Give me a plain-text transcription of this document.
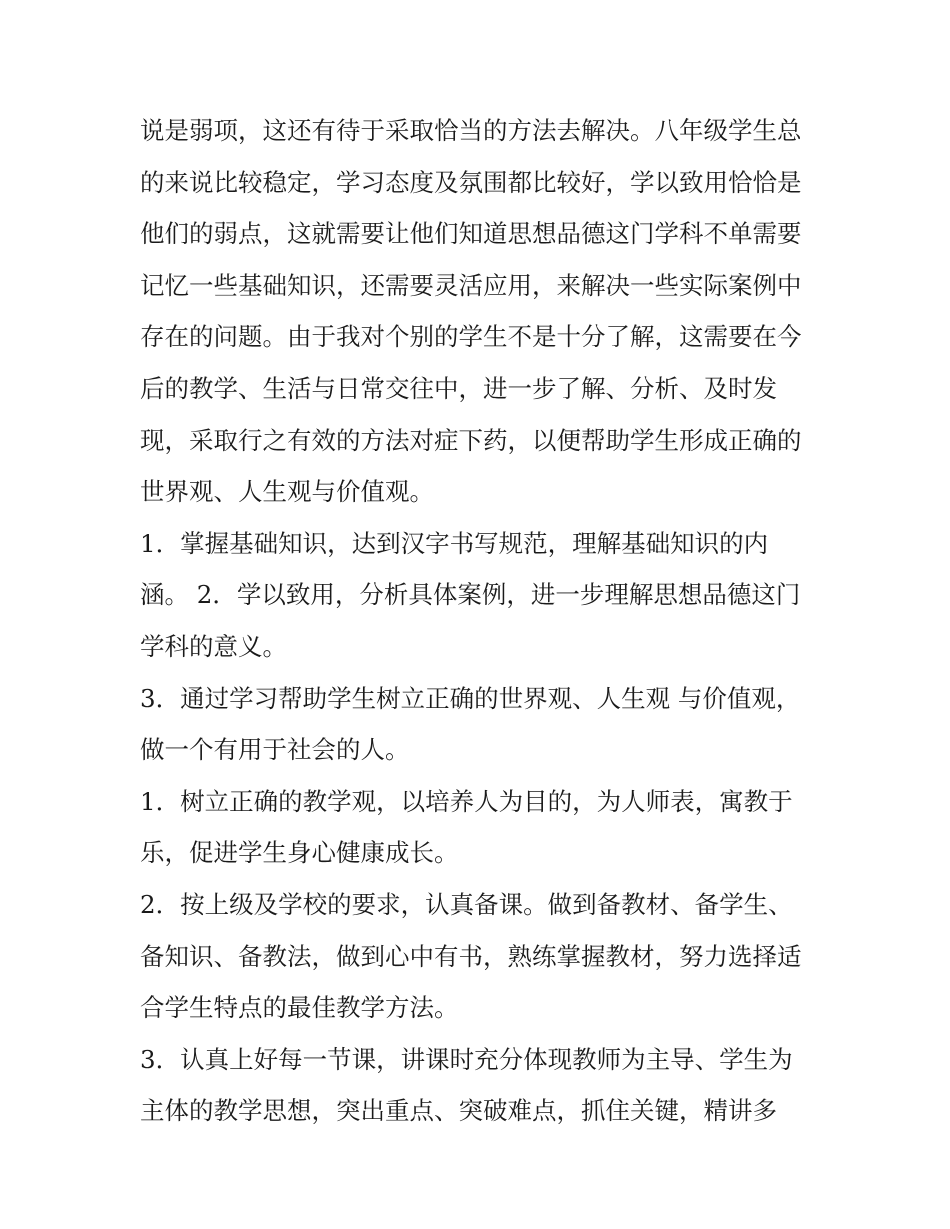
说是弱项，这还有待于采取恰当的方法去解决。八年级学生总
的来说比较稳定，学习态度及氛围都比较好，学以致用恰恰是
他们的弱点，这就需要让他们知道思想品德这门学科不单需要
记忆一些基础知识，还需要灵活应用，来解决一些实际案例中
存在的问题。由于我对个别的学生不是十分了解，这需要在今
后的教学、生活与日常交往中，进一步了解、分析、及时发
现，采取行之有效的方法对症下药，以便帮助学生形成正确的
世界观、人生观与价值观。
1．掌握基础知识，达到汉字书写规范，理解基础知识的内
涵。 2．学以致用，分析具体案例，进一步理解思想品德这门
学科的意义。
3．通过学习帮助学生树立正确的世界观、人生观 与价值观，
做一个有用于社会的人。
1．树立正确的教学观，以培养人为目的，为人师表，寓教于
乐，促进学生身心健康成长。
2．按上级及学校的要求，认真备课。做到备教材、备学生、
备知识、备教法，做到心中有书，熟练掌握教材，努力选择适
合学生特点的最佳教学方法。
3．认真上好每一节课，讲课时充分体现教师为主导、学生为
主体的教学思想，突出重点、突破难点，抓住关键，精讲多
